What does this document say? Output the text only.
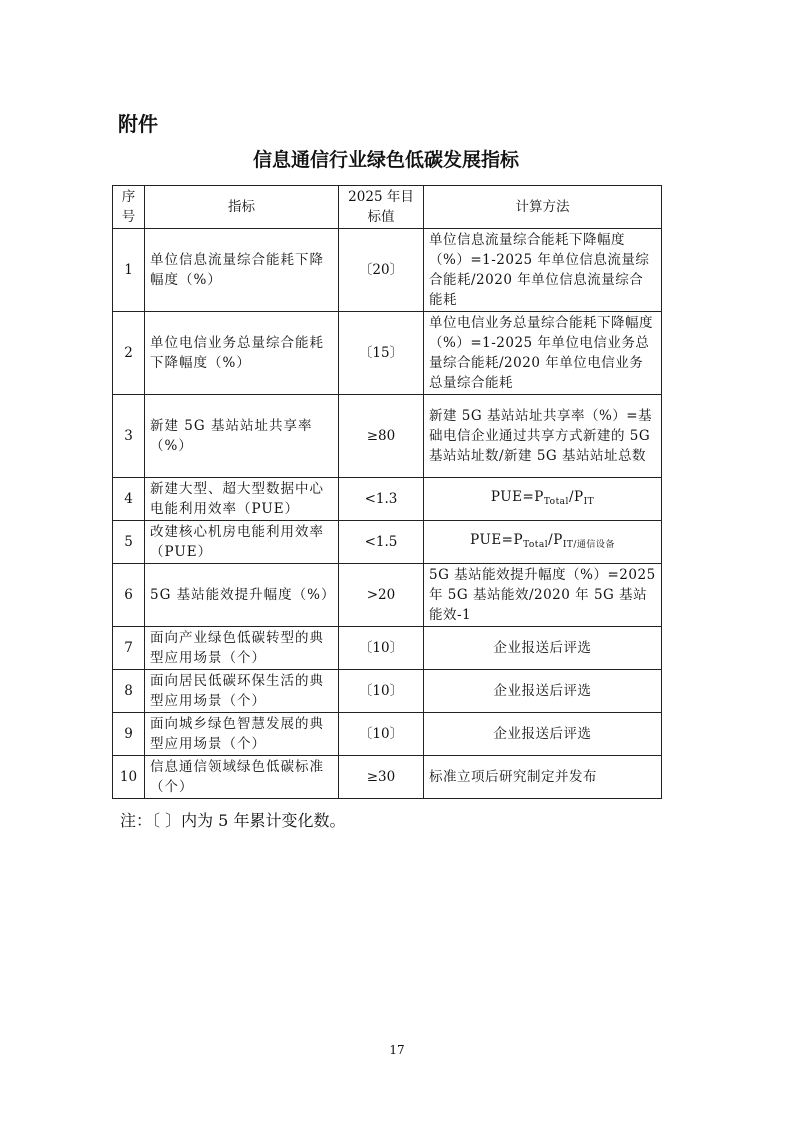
附件
信息通信行业绿色低碳发展指标
序号	指标	2025 年目标值	计算方法
1	单位信息流量综合能耗下降幅度（%）	〔20〕	单位信息流量综合能耗下降幅度（%）=1-2025 年单位信息流量综合能耗/2020 年单位信息流量综合能耗
2	单位电信业务总量综合能耗下降幅度（%）	〔15〕	单位电信业务总量综合能耗下降幅度（%）=1-2025 年单位电信业务总量综合能耗/2020 年单位电信业务总量综合能耗
3	新建 5G 基站站址共享率（%）	≥80	新建 5G 基站站址共享率（%）=基础电信企业通过共享方式新建的 5G 基站站址数/新建 5G 基站站址总数
4	新建大型、超大型数据中心电能利用效率（PUE）	<1.3	$PUE=P_{Total}/P_{IT}$
5	改建核心机房电能利用效率（PUE）	<1.5	$PUE=P_{Total}/P_{IT/通信设备}$
6	5G 基站能效提升幅度（%）	>20	5G 基站能效提升幅度（%）=2025 年 5G 基站能效/2020 年 5G 基站能效-1
7	面向产业绿色低碳转型的典型应用场景（个）	〔10〕	企业报送后评选
8	面向居民低碳环保生活的典型应用场景（个）	〔10〕	企业报送后评选
9	面向城乡绿色智慧发展的典型应用场景（个）	〔10〕	企业报送后评选
10	信息通信领域绿色低碳标准（个）	≥30	标准立项后研究制定并发布
注：〔 〕内为 5 年累计变化数。
17
